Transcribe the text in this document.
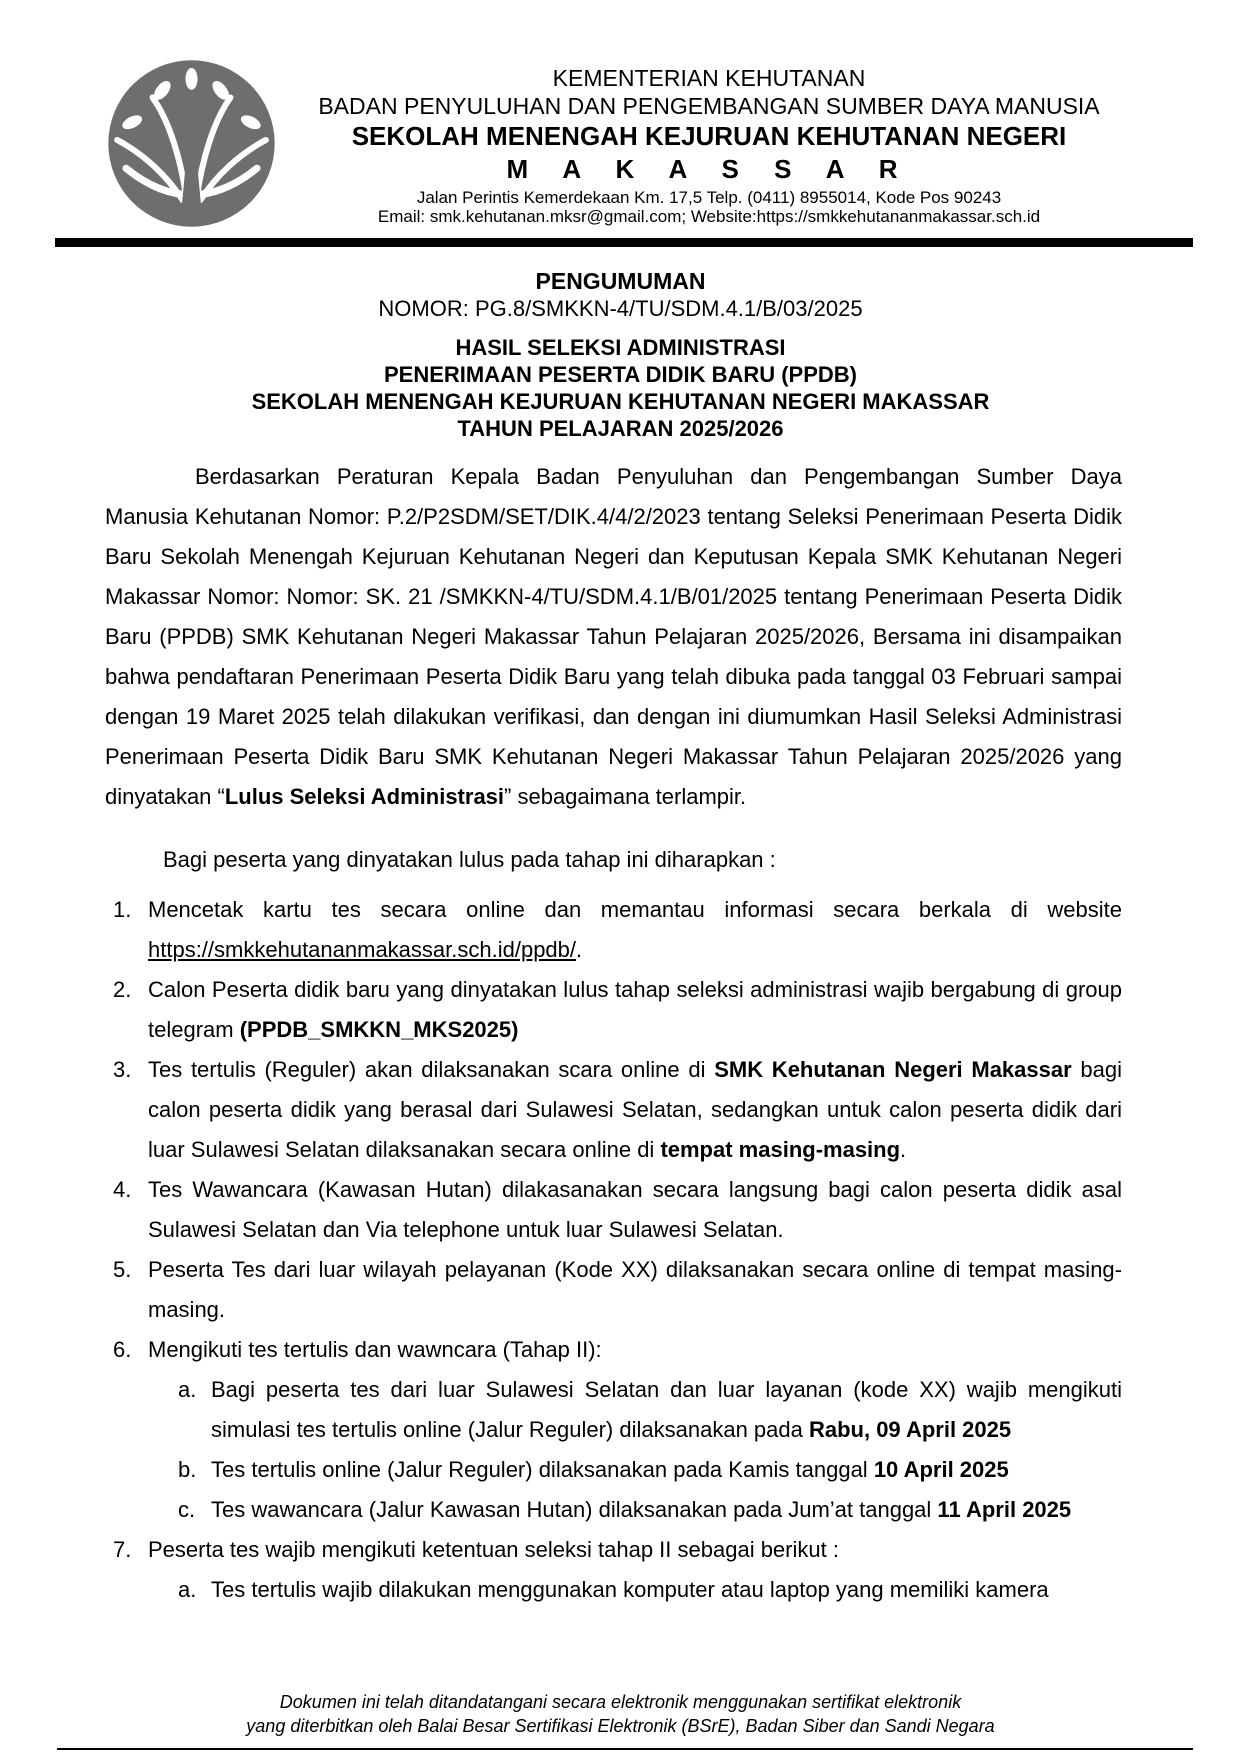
KEMENTERIAN KEHUTANAN
BADAN PENYULUHAN DAN PENGEMBANGAN SUMBER DAYA MANUSIA
SEKOLAH MENENGAH KEJURUAN KEHUTANAN NEGERI
M A K A S S A R
Jalan Perintis Kemerdekaan Km. 17,5 Telp. (0411) 8955014, Kode Pos 90243
Email: smk.kehutanan.mksr@gmail.com; Website:https://smkkehutananmakassar.sch.id
PENGUMUMAN
NOMOR: PG.8/SMKKN-4/TU/SDM.4.1/B/03/2025
HASIL SELEKSI ADMINISTRASI
PENERIMAAN PESERTA DIDIK BARU (PPDB)
SEKOLAH MENENGAH KEJURUAN KEHUTANAN NEGERI MAKASSAR
TAHUN PELAJARAN 2025/2026

Berdasarkan Peraturan Kepala Badan Penyuluhan dan Pengembangan Sumber Daya Manusia Kehutanan Nomor: P.2/P2SDM/SET/DIK.4/4/2/2023 tentang Seleksi Penerimaan Peserta Didik Baru Sekolah Menengah Kejuruan Kehutanan Negeri dan Keputusan Kepala SMK Kehutanan Negeri Makassar Nomor: Nomor: SK. 21 /SMKKN-4/TU/SDM.4.1/B/01/2025 tentang Penerimaan Peserta Didik Baru (PPDB) SMK Kehutanan Negeri Makassar Tahun Pelajaran 2025/2026, Bersama ini disampaikan bahwa pendaftaran Penerimaan Peserta Didik Baru yang telah dibuka pada tanggal 03 Februari sampai dengan 19 Maret 2025 telah dilakukan verifikasi, dan dengan ini diumumkan Hasil Seleksi Administrasi Penerimaan Peserta Didik Baru SMK Kehutanan Negeri Makassar Tahun Pelajaran 2025/2026 yang dinyatakan “Lulus Seleksi Administrasi” sebagaimana terlampir.

Bagi peserta yang dinyatakan lulus pada tahap ini diharapkan :

1. Mencetak kartu tes secara online dan memantau informasi secara berkala di website https://smkkehutananmakassar.sch.id/ppdb/.
2. Calon Peserta didik baru yang dinyatakan lulus tahap seleksi administrasi wajib bergabung di group telegram (PPDB_SMKKN_MKS2025)
3. Tes tertulis (Reguler) akan dilaksanakan scara online di SMK Kehutanan Negeri Makassar bagi calon peserta didik yang berasal dari Sulawesi Selatan, sedangkan untuk calon peserta didik dari luar Sulawesi Selatan dilaksanakan secara online di tempat masing-masing.
4. Tes Wawancara (Kawasan Hutan) dilakasanakan secara langsung bagi calon peserta didik asal Sulawesi Selatan dan Via telephone untuk luar Sulawesi Selatan.
5. Peserta Tes dari luar wilayah pelayanan (Kode XX) dilaksanakan secara online di tempat masing-masing.
6. Mengikuti tes tertulis dan wawncara (Tahap II):
a. Bagi peserta tes dari luar Sulawesi Selatan dan luar layanan (kode XX) wajib mengikuti simulasi tes tertulis online (Jalur Reguler) dilaksanakan pada Rabu, 09 April 2025
b. Tes tertulis online (Jalur Reguler) dilaksanakan pada Kamis tanggal 10 April 2025
c. Tes wawancara (Jalur Kawasan Hutan) dilaksanakan pada Jum’at tanggal 11 April 2025
7. Peserta tes wajib mengikuti ketentuan seleksi tahap II sebagai berikut :
a. Tes tertulis wajib dilakukan menggunakan komputer atau laptop yang memiliki kamera
Dokumen ini telah ditandatangani secara elektronik menggunakan sertifikat elektronik
yang diterbitkan oleh Balai Besar Sertifikasi Elektronik (BSrE), Badan Siber dan Sandi Negara
